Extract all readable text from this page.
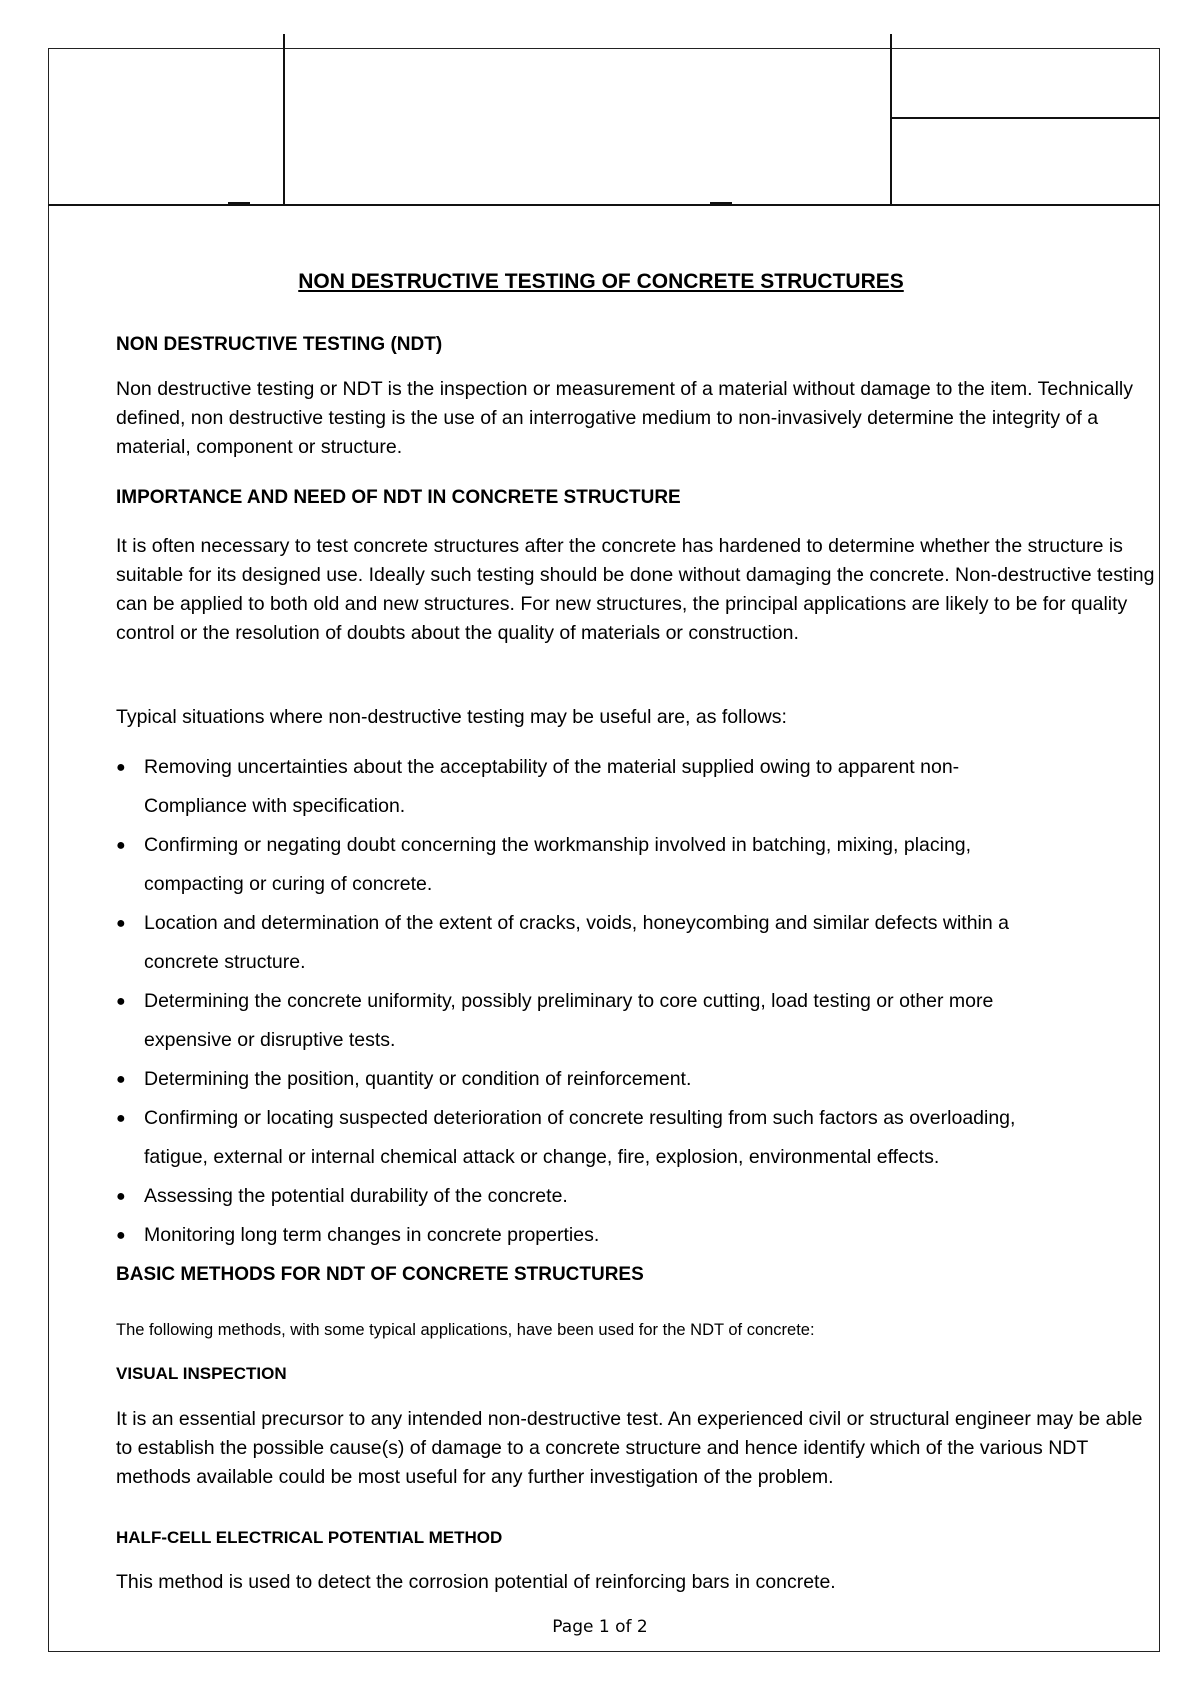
NON DESTRUCTIVE TESTING OF CONCRETE STRUCTURES
NON DESTRUCTIVE TESTING (NDT)

Non destructive testing or NDT is the inspection or measurement of a material without damage to the item. Technically defined, non destructive testing is the use of an interrogative medium to non-invasively determine the integrity of a material, component or structure.

IMPORTANCE AND NEED OF NDT IN CONCRETE STRUCTURE

It is often necessary to test concrete structures after the concrete has hardened to determine whether the structure is suitable for its designed use. Ideally such testing should be done without damaging the concrete. Non-destructive testing can be applied to both old and new structures. For new structures, the principal applications are likely to be for quality control or the resolution of doubts about the quality of materials or construction.

Typical situations where non-destructive testing may be useful are, as follows:

● Removing uncertainties about the acceptability of the material supplied owing to apparent non-
Compliance with specification.
● Confirming or negating doubt concerning the workmanship involved in batching, mixing, placing,
compacting or curing of concrete.
● Location and determination of the extent of cracks, voids, honeycombing and similar defects within a
concrete structure.
● Determining the concrete uniformity, possibly preliminary to core cutting, load testing or other more
expensive or disruptive tests.
● Determining the position, quantity or condition of reinforcement.
● Confirming or locating suspected deterioration of concrete resulting from such factors as overloading,
fatigue, external or internal chemical attack or change, fire, explosion, environmental effects.
● Assessing the potential durability of the concrete.
● Monitoring long term changes in concrete properties.
BASIC METHODS FOR NDT OF CONCRETE STRUCTURES

The following methods, with some typical applications, have been used for the NDT of concrete:

VISUAL INSPECTION

It is an essential precursor to any intended non-destructive test. An experienced civil or structural engineer may be able to establish the possible cause(s) of damage to a concrete structure and hence identify which of the various NDT methods available could be most useful for any further investigation of the problem.

HALF-CELL ELECTRICAL POTENTIAL METHOD

This method is used to detect the corrosion potential of reinforcing bars in concrete.

Page 1 of 2
